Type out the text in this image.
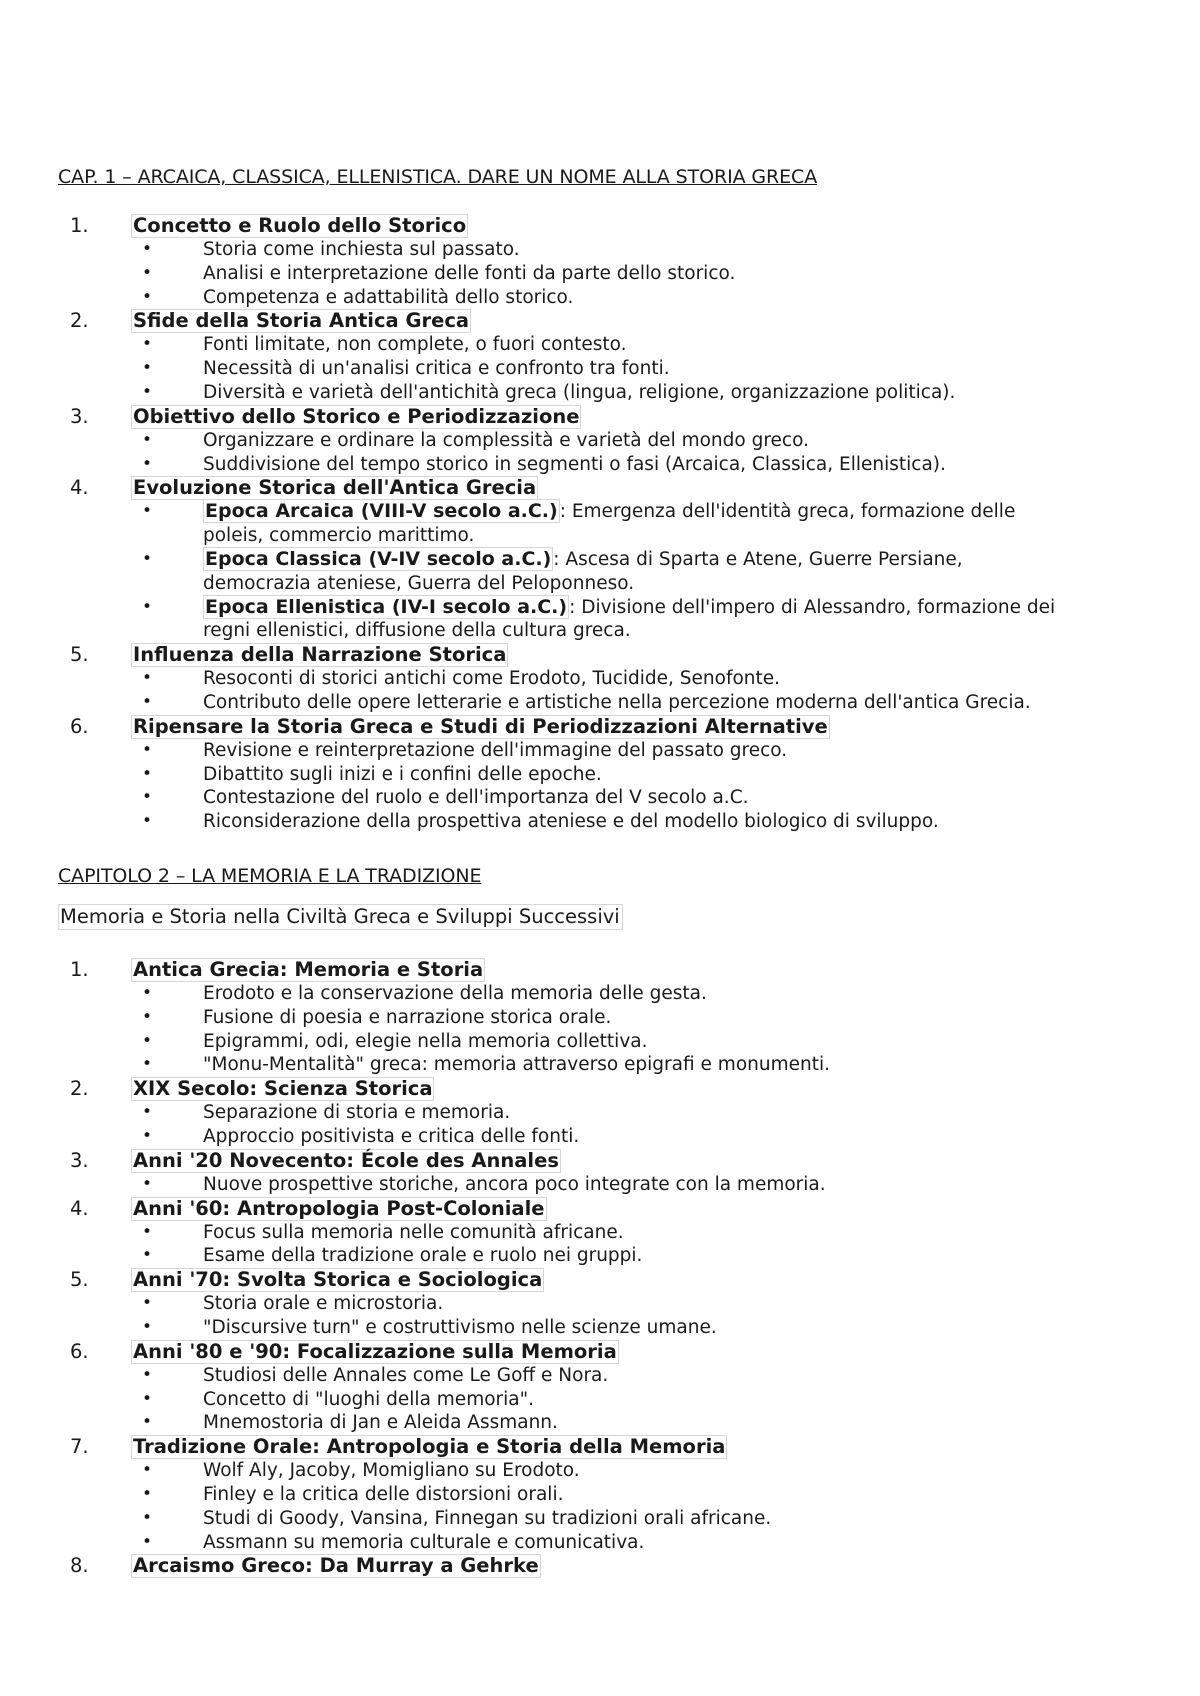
CAP. 1 – ARCAICA, CLASSICA, ELLENISTICA. DARE UN NOME ALLA STORIA GRECA
1. Concetto e Ruolo dello Storico
• Storia come inchiesta sul passato.
• Analisi e interpretazione delle fonti da parte dello storico.
• Competenza e adattabilità dello storico.
2. Sfide della Storia Antica Greca
• Fonti limitate, non complete, o fuori contesto.
• Necessità di un'analisi critica e confronto tra fonti.
• Diversità e varietà dell'antichità greca (lingua, religione, organizzazione politica).
3. Obiettivo dello Storico e Periodizzazione
• Organizzare e ordinare la complessità e varietà del mondo greco.
• Suddivisione del tempo storico in segmenti o fasi (Arcaica, Classica, Ellenistica).
4. Evoluzione Storica dell'Antica Grecia
• Epoca Arcaica (VIII-V secolo a.C.) : Emergenza dell'identità greca, formazione delle poleis, commercio marittimo.
• Epoca Classica (V-IV secolo a.C.) : Ascesa di Sparta e Atene, Guerre Persiane, democrazia ateniese, Guerra del Peloponneso.
• Epoca Ellenistica (IV-I secolo a.C.) : Divisione dell'impero di Alessandro, formazione dei regni ellenistici, diffusione della cultura greca.
5. Influenza della Narrazione Storica
• Resoconti di storici antichi come Erodoto, Tucidide, Senofonte.
• Contributo delle opere letterarie e artistiche nella percezione moderna dell'antica Grecia.
6. Ripensare la Storia Greca e Studi di Periodizzazioni Alternative
• Revisione e reinterpretazione dell'immagine del passato greco.
• Dibattito sugli inizi e i confini delle epoche.
• Contestazione del ruolo e dell'importanza del V secolo a.C.
• Riconsiderazione della prospettiva ateniese e del modello biologico di sviluppo.
CAPITOLO 2 – LA MEMORIA E LA TRADIZIONE
Memoria e Storia nella Civiltà Greca e Sviluppi Successivi
1. Antica Grecia: Memoria e Storia
• Erodoto e la conservazione della memoria delle gesta.
• Fusione di poesia e narrazione storica orale.
• Epigrammi, odi, elegie nella memoria collettiva.
• "Monu-Mentalità" greca: memoria attraverso epigrafi e monumenti.
2. XIX Secolo: Scienza Storica
• Separazione di storia e memoria.
• Approccio positivista e critica delle fonti.
3. Anni '20 Novecento: École des Annales
• Nuove prospettive storiche, ancora poco integrate con la memoria.
4. Anni '60: Antropologia Post-Coloniale
• Focus sulla memoria nelle comunità africane.
• Esame della tradizione orale e ruolo nei gruppi.
5. Anni '70: Svolta Storica e Sociologica
• Storia orale e microstoria.
• "Discursive turn" e costruttivismo nelle scienze umane.
6. Anni '80 e '90: Focalizzazione sulla Memoria
• Studiosi delle Annales come Le Goff e Nora.
• Concetto di "luoghi della memoria".
• Mnemostoria di Jan e Aleida Assmann.
7. Tradizione Orale: Antropologia e Storia della Memoria
• Wolf Aly, Jacoby, Momigliano su Erodoto.
• Finley e la critica delle distorsioni orali.
• Studi di Goody, Vansina, Finnegan su tradizioni orali africane.
• Assmann su memoria culturale e comunicativa.
8. Arcaismo Greco: Da Murray a Gehrke
